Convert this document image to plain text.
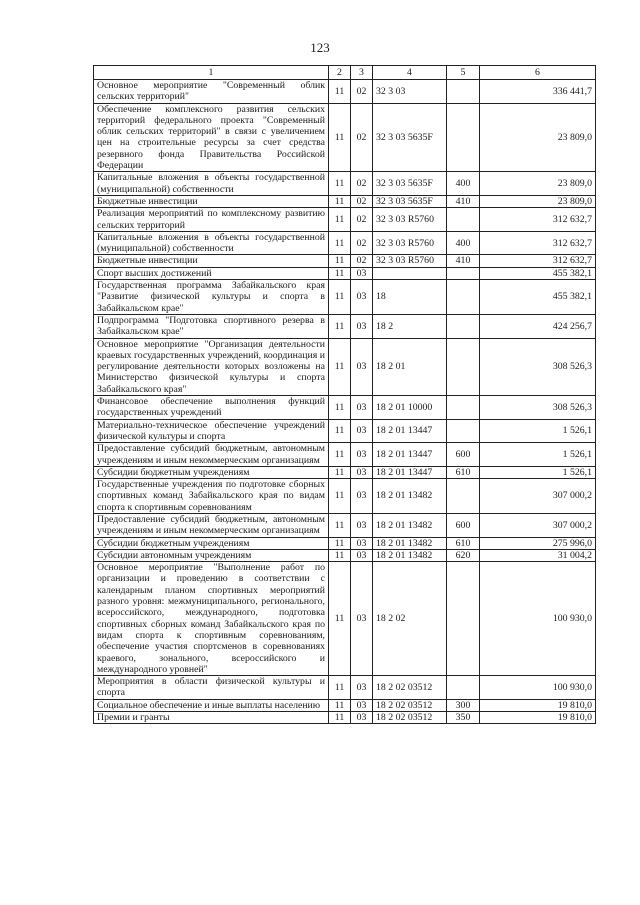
123
1	2	3	4	5	6
Основное мероприятие "Современный облик сельских территорий"	11	02	32 3 03		336 441,7
Обеспечение комплексного развития сельских территорий федерального проекта "Современный облик сельских территорий" в связи с увеличением цен на строительные ресурсы за счет средства резервного фонда Правительства Российской Федерации	11	02	32 3 03 5635F		23 809,0
Капитальные вложения в объекты государственной (муниципальной) собственности	11	02	32 3 03 5635F	400	23 809,0
Бюджетные инвестиции	11	02	32 3 03 5635F	410	23 809,0
Реализация мероприятий по комплексному развитию сельских территорий	11	02	32 3 03 R5760		312 632,7
Капитальные вложения в объекты государственной (муниципальной) собственности	11	02	32 3 03 R5760	400	312 632,7
Бюджетные инвестиции	11	02	32 3 03 R5760	410	312 632,7
Спорт высших достижений	11	03			455 382,1
Государственная программа Забайкальского края "Развитие физической культуры и спорта в Забайкальском крае"	11	03	18		455 382,1
Подпрограмма "Подготовка спортивного резерва в Забайкальском крае"	11	03	18 2		424 256,7
Основное мероприятие "Организация деятельности краевых государственных учреждений, координация и регулирование деятельности которых возложены на Министерство физической культуры и спорта Забайкальского края"	11	03	18 2 01		308 526,3
Финансовое обеспечение выполнения функций государственных учреждений	11	03	18 2 01 10000		308 526,3
Материально-техническое обеспечение учреждений физической культуры и спорта	11	03	18 2 01 13447		1 526,1
Предоставление субсидий бюджетным, автономным учреждениям и иным некоммерческим организациям	11	03	18 2 01 13447	600	1 526,1
Субсидии бюджетным учреждениям	11	03	18 2 01 13447	610	1 526,1
Государственные учреждения по подготовке сборных спортивных команд Забайкальского края по видам спорта к спортивным соревнованиям	11	03	18 2 01 13482		307 000,2
Предоставление субсидий бюджетным, автономным учреждениям и иным некоммерческим организациям	11	03	18 2 01 13482	600	307 000,2
Субсидии бюджетным учреждениям	11	03	18 2 01 13482	610	275 996,0
Субсидии автономным учреждениям	11	03	18 2 01 13482	620	31 004,2
Основное мероприятие "Выполнение работ по организации и проведению в соответствии с календарным планом спортивных мероприятий разного уровня: межмуниципального, регионального, всероссийского, международного, подготовка спортивных сборных команд Забайкальского края по видам спорта к спортивным соревнованиям, обеспечение участия спортсменов в соревнованиях краевого, зонального, всероссийского и международного уровней"	11	03	18 2 02		100 930,0
Мероприятия в области физической культуры и спорта	11	03	18 2 02 03512		100 930,0
Социальное обеспечение и иные выплаты населению	11	03	18 2 02 03512	300	19 810,0
Премии и гранты	11	03	18 2 02 03512	350	19 810,0
